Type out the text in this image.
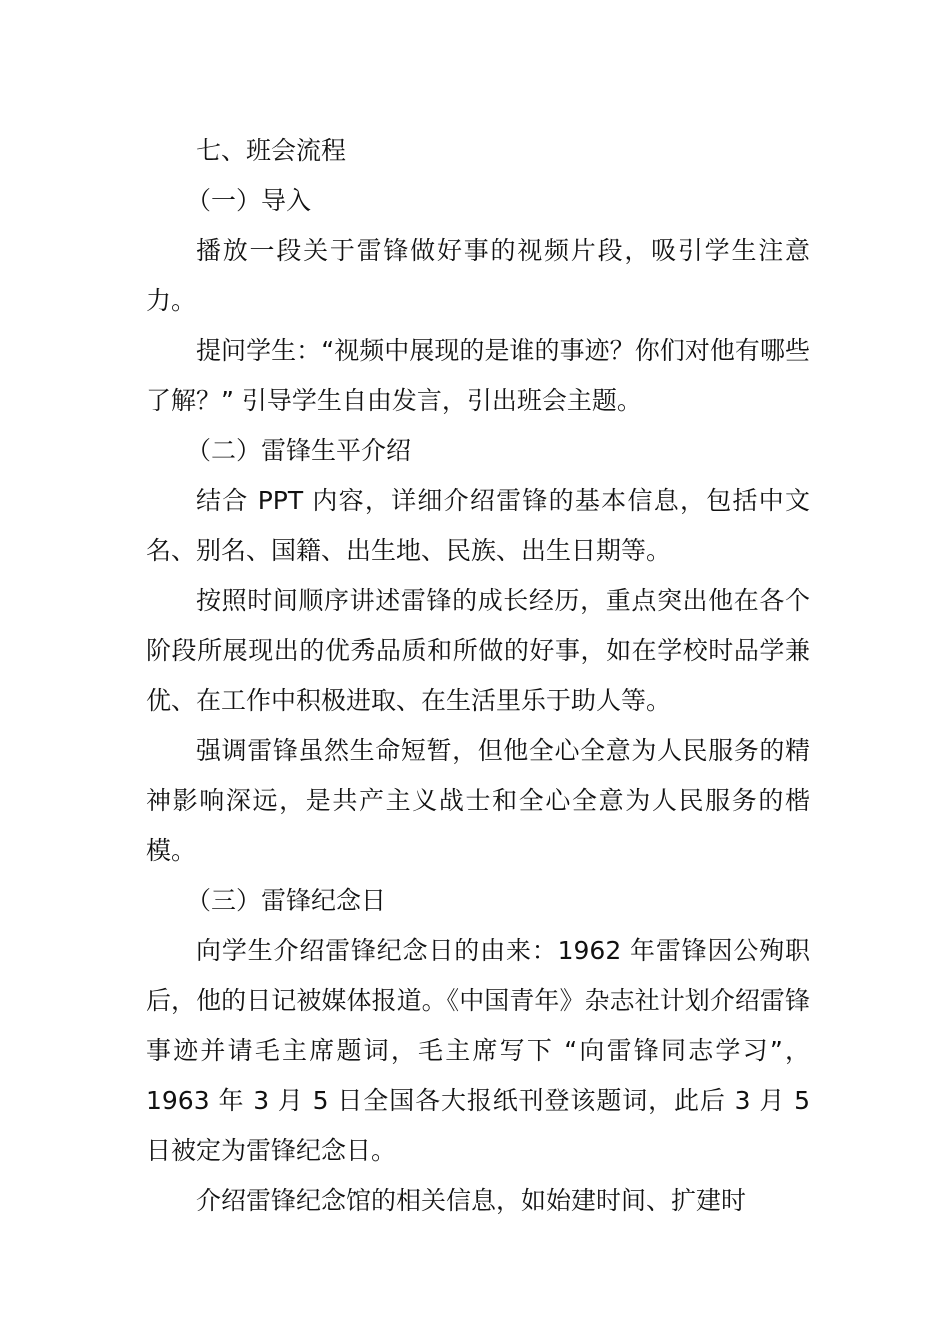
七、班会流程

（一）导入

播放一段关于雷锋做好事的视频片段，吸引学生注意力。

提问学生：“视频中展现的是谁的事迹？你们对他有哪些了解？” 引导学生自由发言，引出班会主题。

（二）雷锋生平介绍

结合 PPT 内容，详细介绍雷锋的基本信息，包括中文名、别名、国籍、出生地、民族、出生日期等。

按照时间顺序讲述雷锋的成长经历，重点突出他在各个阶段所展现出的优秀品质和所做的好事，如在学校时品学兼优、在工作中积极进取、在生活里乐于助人等。

强调雷锋虽然生命短暂，但他全心全意为人民服务的精神影响深远，是共产主义战士和全心全意为人民服务的楷模。

（三）雷锋纪念日

向学生介绍雷锋纪念日的由来：1962 年雷锋因公殉职后，他的日记被媒体报道。《中国青年》杂志社计划介绍雷锋事迹并请毛主席题词，毛主席写下 “向雷锋同志学习”，1963 年 3 月 5 日全国各大报纸刊登该题词，此后 3 月 5 日被定为雷锋纪念日。

介绍雷锋纪念馆的相关信息，如始建时间、扩建时
